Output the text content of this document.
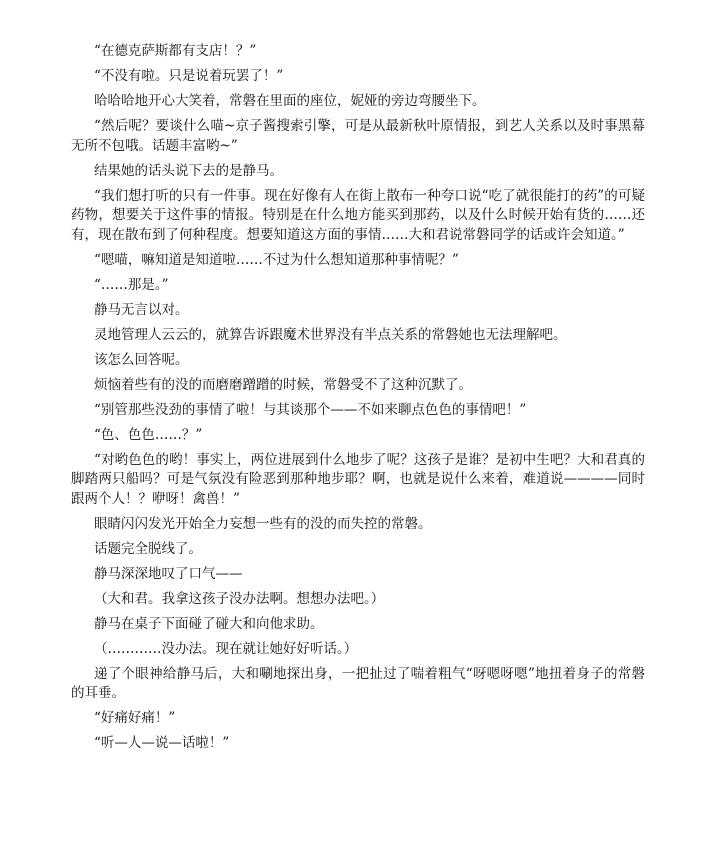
“在德克萨斯都有支店！？”

“不没有啦。只是说着玩罢了！”

哈哈哈地开心大笑着，常磐在里面的座位，妮娅的旁边弯腰坐下。

“然后呢？要谈什么喵~京子酱搜索引擎，可是从最新秋叶原情报，到艺人关系以及时事黑幕无所不包哦。话题丰富哟~”

结果她的话头说下去的是静马。

“我们想打听的只有一件事。现在好像有人在街上散布一种夸口说“吃了就很能打的药”的可疑药物，想要关于这件事的情报。特别是在什么地方能买到那药，以及什么时候开始有货的……还有，现在散布到了何种程度。想要知道这方面的事情……大和君说常磐同学的话或许会知道。”

“嗯喵，嘛知道是知道啦……不过为什么想知道那种事情呢？”

“……那是。”

静马无言以对。

灵地管理人云云的，就算告诉跟魔术世界没有半点关系的常磐她也无法理解吧。

该怎么回答呢。

烦恼着些有的没的而磨磨蹭蹭的时候，常磐受不了这种沉默了。

“别管那些没劲的事情了啦！与其谈那个——不如来聊点色色的事情吧！”

“色、色色……？”

“对哟色色的哟！事实上，两位进展到什么地步了呢？这孩子是谁？是初中生吧？大和君真的脚踏两只船吗？可是气氛没有险恶到那种地步耶？啊，也就是说什么来着，难道说————同时跟两个人！？咿呀！禽兽！”

眼睛闪闪发光开始全力妄想一些有的没的而失控的常磐。

话题完全脱线了。

静马深深地叹了口气——

（大和君。我拿这孩子没办法啊。想想办法吧。）

静马在桌子下面碰了碰大和向他求助。

（…………没办法。现在就让她好好听话。）

递了个眼神给静马后，大和唰地探出身，一把扯过了喘着粗气“呀嗯呀嗯”地扭着身子的常磐的耳垂。

“好痛好痛！”

“听—人—说—话啦！”
